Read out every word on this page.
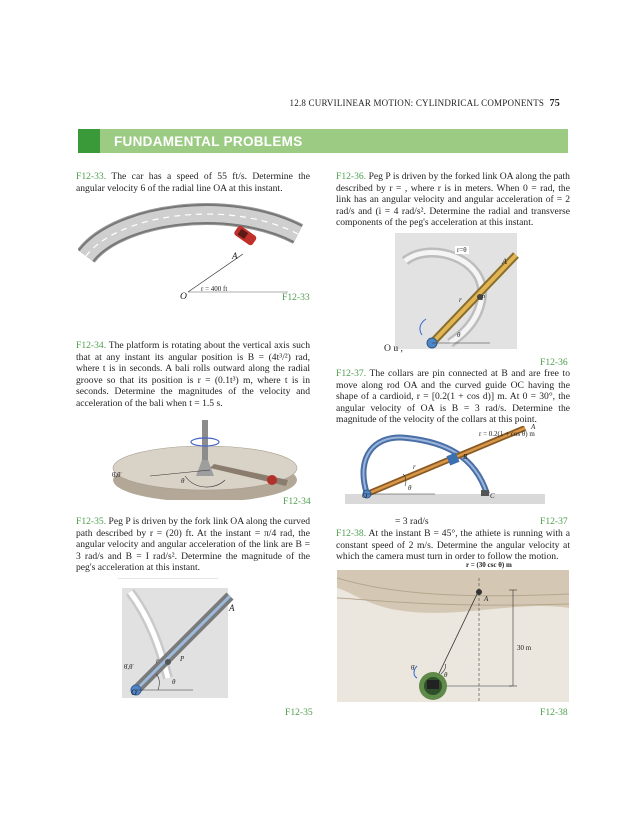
12.8 CURVILINEAR MOTION: CYLINDRICAL COMPONENTS 75
FUNDAMENTAL PROBLEMS
F12-33. The car has a speed of 55 ft/s. Determine the angular velocity 6 of the radial line OA at this instant.
A
r = 400 ft
O	F12-33
F12-34. The platform is rotating about the vertical axis such that at any instant its angular position is B = (4t³/²) rad, where t is in seconds. A bali rolls outward along the radial groove so that its position is r = (0.1t³) m, where t is in seconds. Determine the magnitudes of the velocity and acceleration of the bali when t = 1.5 s.
θ̇,θ̈
θ
F12-34
F12-35. Peg P is driven by the fork link OA along the curved path described by r = (20) ft. At the instant = π/4 rad, the angular velocity and angular acceleration of the link are B = 3 rad/s and B = I rad/s². Determine the magnitude of the peg's acceleration at this instant.
A
P
r
θ̇,θ̈
θ
O
F12-35
F12-36. Peg P is driven by the forked link OA along the path described by r = , where r is in meters. When 0 = rad, the link has an angular velocity and angular acceleration of = 2 rad/s and (i = 4 rad/s². Determine the radial and transverse components of the peg's acceleration at this instant.
r=θ
A
P
r
θ
O u ,
F12-36
F12-37. The collars are pin connected at B and are free to move along rod OA and the curved guide OC having the shape of a cardioid, r = [0.2(1 + cos d)] m. At 0 = 30°, the angular velocity of OA is B = 3 rad/s. Determine the magnitude of the velocity of the collars at this point.
A
r = 0.2(1 + cos θ) m
B
r
θ
O	C
= 3 rad/s	F12-37
F12-38. At the instant B = 45°, the athiete is running with a constant speed of 2 m/s. Determine the angular velocity at which the camera must turn in order to follow the motion.
r = (30 csc θ) m
A
30 m
θ̇
θ
F12-38
